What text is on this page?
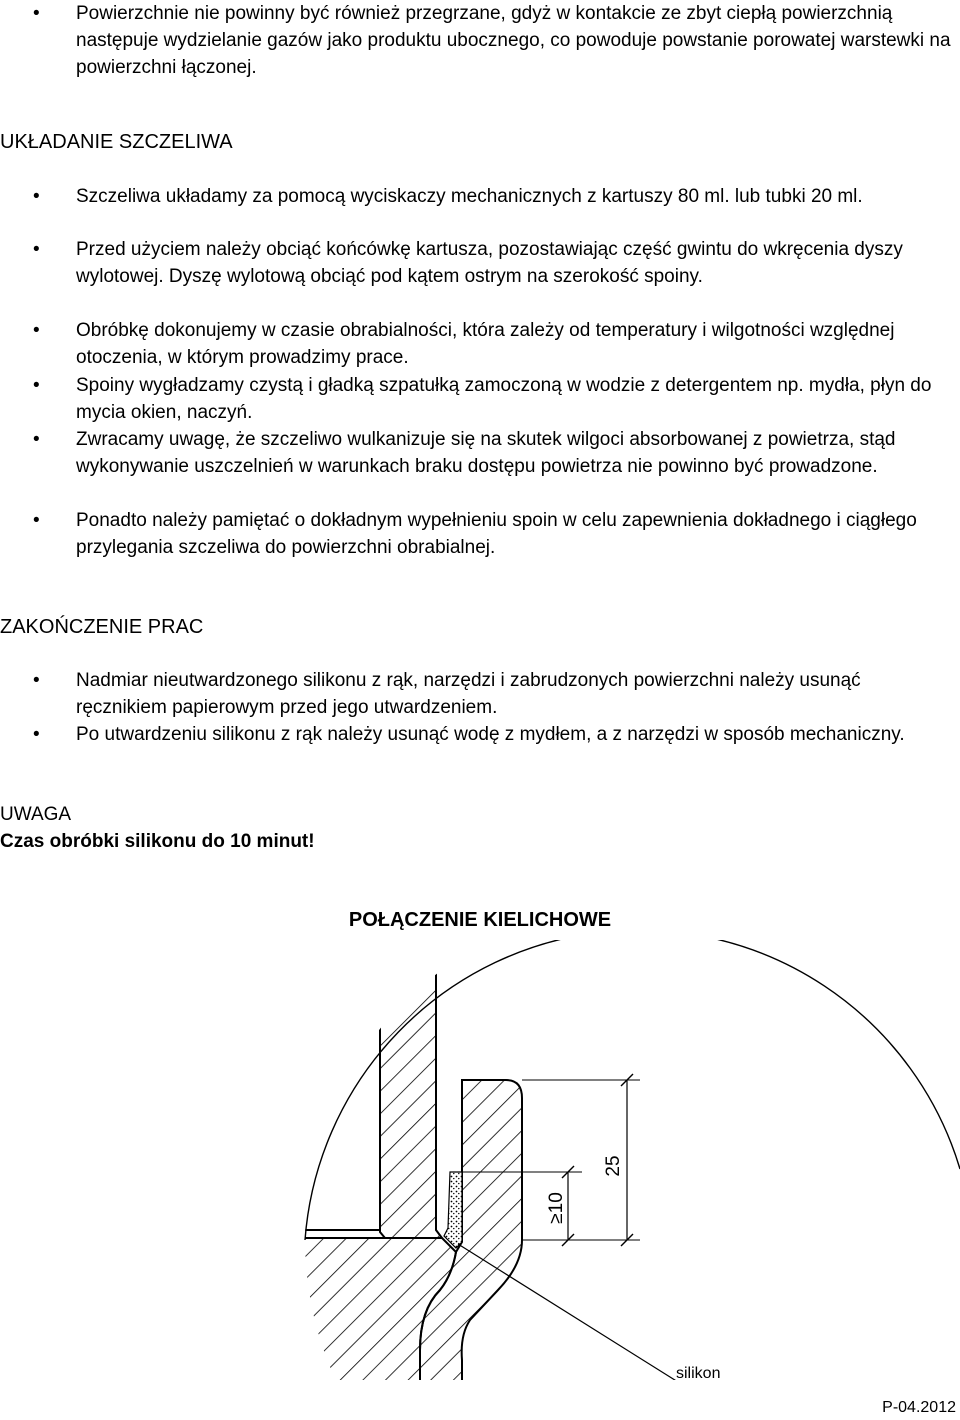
• Powierzchnie nie powinny być również przegrzane, gdyż w kontakcie ze zbyt ciepłą powierzchnią następuje wydzielanie gazów jako produktu ubocznego, co powoduje powstanie porowatej warstewki na powierzchni łączonej.
UKŁADANIE SZCZELIWA
• Szczeliwa układamy za pomocą wyciskaczy mechanicznych z kartuszy 80 ml. lub tubki 20 ml.
• Przed użyciem należy obciąć końcówkę kartusza, pozostawiając część gwintu do wkręcenia dyszy wylotowej. Dyszę wylotową obciąć pod kątem ostrym na szerokość spoiny.
• Obróbkę dokonujemy w czasie obrabialności, która zależy od temperatury i wilgotności względnej otoczenia, w którym prowadzimy prace.
• Spoiny wygładzamy czystą i gładką szpatułką zamoczoną w wodzie z detergentem np. mydła, płyn do mycia okien, naczyń.
• Zwracamy uwagę, że szczeliwo wulkanizuje się na skutek wilgoci absorbowanej z powietrza, stąd wykonywanie uszczelnień w warunkach braku dostępu powietrza nie powinno być prowadzone.
• Ponadto należy pamiętać o dokładnym wypełnieniu spoin w celu zapewnienia dokładnego i ciągłego przylegania szczeliwa do powierzchni obrabialnej.
ZAKOŃCZENIE PRAC
• Nadmiar nieutwardzonego silikonu z rąk, narzędzi i zabrudzonych powierzchni należy usunąć ręcznikiem papierowym przed jego utwardzeniem.
• Po utwardzeniu silikonu z rąk należy usunąć wodę z mydłem, a z narzędzi w sposób mechaniczny.
UWAGA
Czas obróbki silikonu do 10 minut!
POŁĄCZENIE KIELICHOWE
25
≥10
silikon
P-04.2012
